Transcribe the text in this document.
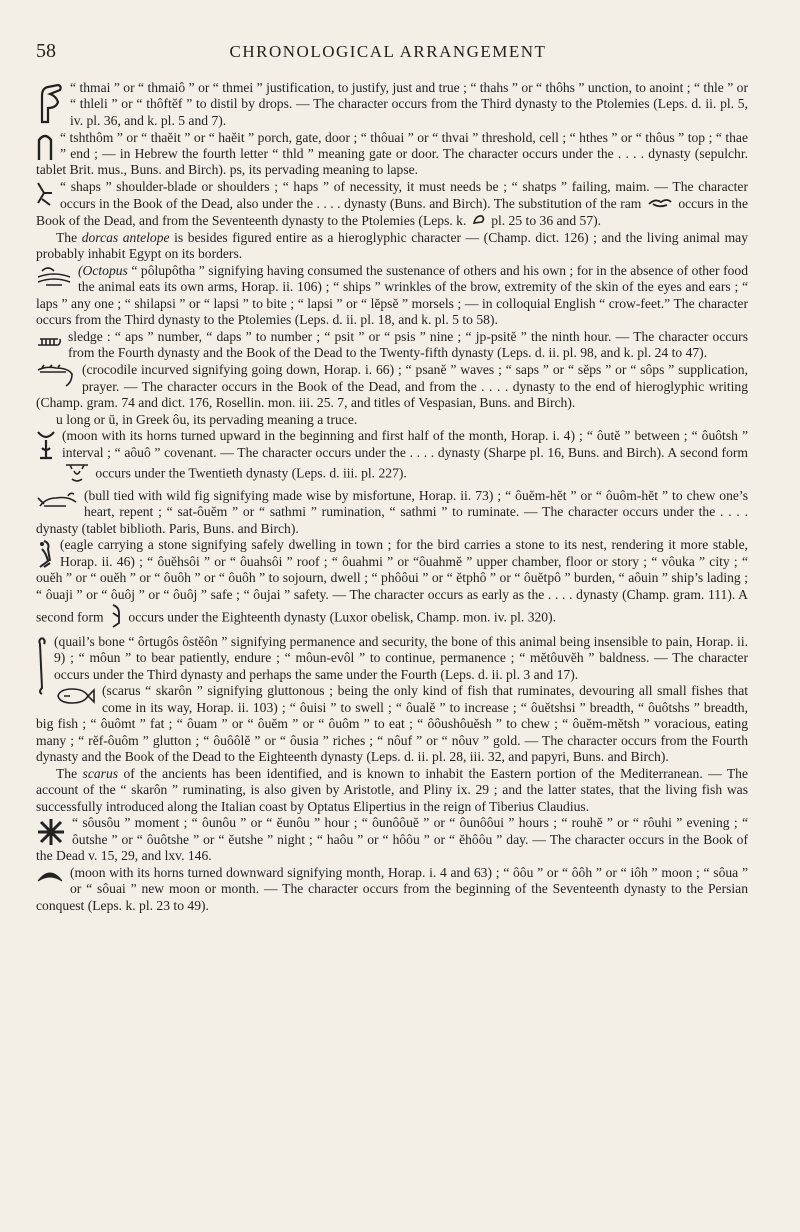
58	CHRONOLOGICAL ARRANGEMENT

“ thmai ” or “ thmaiô ” or “ thmei ” justification, to justify, just and true ; “ thahs ” or “ thôhs ” unction, to anoint ; “ thle ” or “ thleli ” or “ thôftĕf ” to distil by drops. — The character occurs from the Third dynasty to the Ptolemies (Leps. d. ii. pl. 5, iv. pl. 36, and k. pl. 5 and 7).

“ tshthôm ” or “ thaĕit ” or “ haĕit ” porch, gate, door ; “ thôuai ” or “ thvai ” threshold, cell ; “ hthes ” or “ thôus ” top ; “ thae ” end ; — in Hebrew the fourth letter “ thld ” meaning gate or door. The character occurs under the . . . . dynasty (sepulchr. tablet Brit. mus., Buns. and Birch). ps, its pervading meaning to lapse.

“ shaps ” shoulder-blade or shoulders ; “ haps ” of necessity, it must needs be ; “ shatps ” failing, maim. — The character occurs in the Book of the Dead, also under the . . . . dynasty (Buns. and Birch). The substitution of the ram	occurs in the Book of the Dead, and from the Seventeenth dynasty to the Ptolemies (Leps. k. pl. 25 to 36 and 57).

The dorcas antelope is besides figured entire as a hieroglyphic character — (Champ. dict. 126) ; and the living animal may probably inhabit Egypt on its borders.

(Octopus “ pôlupôtha ” signifying having consumed the sustenance of others and his own ; for in the absence of other food the animal eats its own arms, Horap. ii. 106) ; “ ships ” wrinkles of the brow, extremity of the skin of the eyes and ears ; “ laps ” any one ; “ shilapsi ” or “ lapsi ” to bite ; “ lapsi ” or “ lĕpsĕ ” morsels ; — in colloquial English “ crow-feet.” The character occurs from the Third dynasty to the Ptolemies (Leps. d. ii. pl. 18, and k. pl. 5 to 58).

sledge : “ aps ” number, “ daps ” to number ; “ psit ” or “ psis ” nine ; “ jp-psitĕ ” the ninth hour. — The character occurs from the Fourth dynasty and the Book of the Dead to the Twenty-fifth dynasty (Leps. d. ii. pl. 98, and k. pl. 24 to 47).

(crocodile incurved signifying going down, Horap. i. 66) ; “ psanĕ ” waves ; “ saps ” or “ sĕps ” or “ sôps ” supplication, prayer. — The character occurs in the Book of the Dead, and from the . . . . dynasty to the end of hieroglyphic writing (Champ. gram. 74 and dict. 176, Rosellin. mon. iii. 25. 7, and titles of Vespasian, Buns. and Birch).

u long or ū, in Greek ôu, its pervading meaning a truce.

(moon with its horns turned upward in the beginning and first half of the month, Horap. i. 4) ; “ ôutĕ ” between ; “ ôuôtsh ” interval ; “ aôuô ” covenant. — The character occurs under the . . . . dynasty (Sharpe pl. 16, Buns. and Birch). A second form  occurs under the Twentieth dynasty (Leps. d. iii. pl. 227).

(bull tied with wild fig signifying made wise by misfortune, Horap. ii. 73) ; “ ôuĕm-hĕt ” or “ ôuôm-hĕt ” to chew one’s heart, repent ; “ sat-ôuĕm ” or “ sathmi ” rumination, “ sathmi ” to ruminate. — The character occurs under the . . . . dynasty (tablet biblioth. Paris, Buns. and Birch).

(eagle carrying a stone signifying safely dwelling in town ; for the bird carries a stone to its nest, rendering it more stable, Horap. ii. 46) ; “ ôuĕhsôi ” or “ ôuahsôi ” roof ; “ ôuahmi ” or “ôuahmĕ ” upper chamber, floor or story ; “ vôuka ” city ; “ ouĕh ” or “ ouĕh ” or “ ôuôh ” or “ ôuôh ” to sojourn, dwell ; “ phôôui ” or “ ĕtphô ” or “ ôuĕtpô ” burden, “ aôuin ” ship’s lading ; “ ôuaji ” or “ ôuôj ” or “ ôuôj ” safe ; “ ôujai ” safety. — The character occurs as early as the . . . . dynasty (Champ. gram. 111). A second form occurs under the Eighteenth dynasty (Luxor obelisk, Champ. mon. iv. pl. 320).

(quail’s bone “ ôrtugôs ôstĕôn ” signifying permanence and security, the bone of this animal being insensible to pain, Horap. ii. 9) ; “ môun ” to bear patiently, endure ; “ môun-evôl ” to continue, permanence ; “ mĕtôuvĕh ” baldness. — The character occurs under the Third dynasty and perhaps the same under the Fourth (Leps. d. ii. pl. 3 and 17).

(scarus “ skarôn ” signifying gluttonous ; being the only kind of fish that ruminates, devouring all small fishes that come in its way, Horap. ii. 103) ; “ ôuisi ” to swell ; “ ôualĕ ” to increase ; “ ôuĕtshsi ” breadth, “ ôuôtshs ” breadth, big fish ; “ ôuômt ” fat ; “ ôuam ” or “ ôuĕm ” or “ ôuôm ” to eat ; “ ôôushôuĕsh ” to chew ; “ ôuĕm-mĕtsh ” voracious, eating many ; “ rĕf-ôuôm ” glutton ; “ ôuôôlĕ ” or “ ôusia ” riches ; “ nôuf ” or “ nôuv ” gold. — The character occurs from the Fourth dynasty and the Book of the Dead to the Eighteenth dynasty (Leps. d. ii. pl. 28, iii. 32, and papyri, Buns. and Birch).

The scarus of the ancients has been identified, and is known to inhabit the Eastern portion of the Mediterranean. — The account of the “ skarôn ” ruminating, is also given by Aristotle, and Pliny ix. 29 ; and the latter states, that the living fish was successfully introduced along the Italian coast by Optatus Elipertius in the reign of Tiberius Claudius.

“ sôusôu ” moment ; “ ôunôu ” or “ ĕunôu ” hour ; “ ôunôôuĕ ” or “ ôunôôui ” hours ; “ rouhĕ ” or “ rôuhi ” evening ; “ ôutshe ” or “ ôuôtshe ” or “ ĕutshe ” night ; “ haôu ” or “ hôôu ” or “ ĕhôôu ” day. — The character occurs in the Book of the Dead v. 15, 29, and lxv. 146.

(moon with its horns turned downward signifying month, Horap. i. 4 and 63) ; “ ôôu ” or “ ôôh ” or “ iôh ” moon ; “ sôua ” or “ sôuai ” new moon or month. — The character occurs from the beginning of the Seventeenth dynasty to the Persian conquest (Leps. k. pl. 23 to 49).
